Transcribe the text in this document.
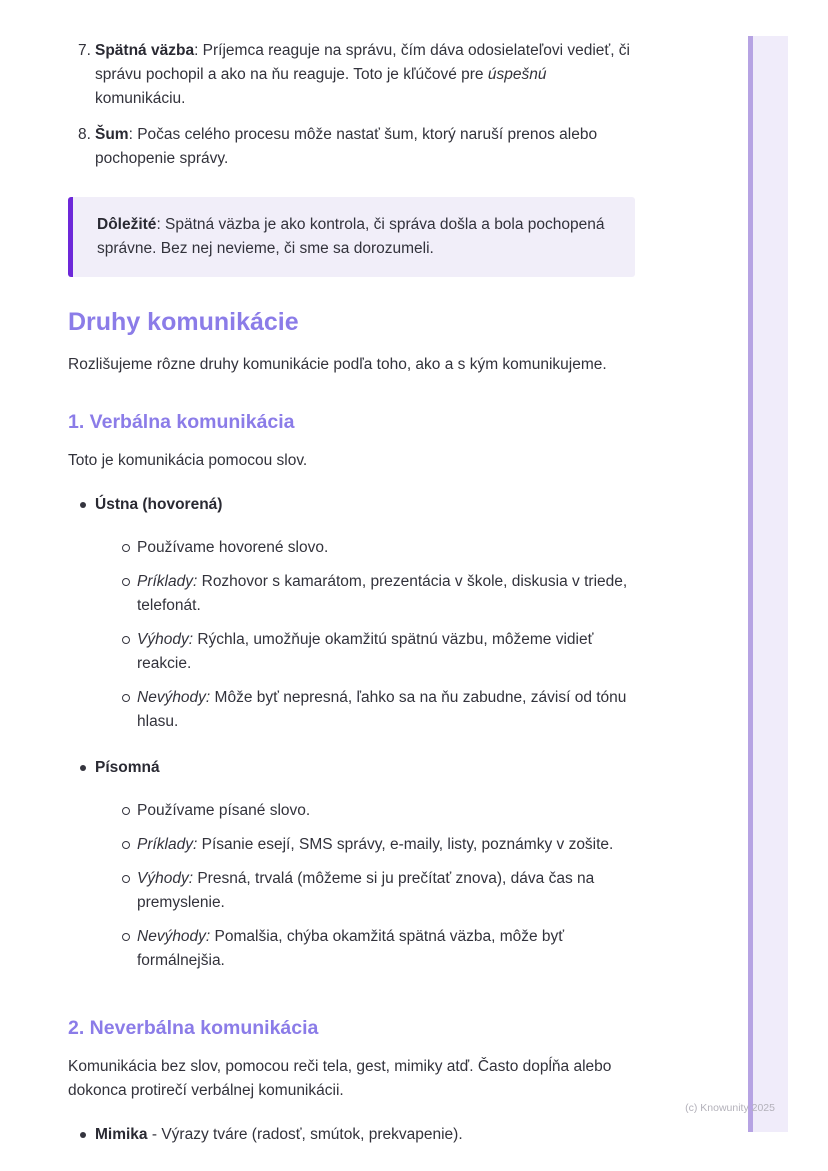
7. Spätná väzba: Príjemca reaguje na správu, čím dáva odosielateľovi vedieť, či správu pochopil a ako na ňu reaguje. Toto je kľúčové pre úspešnú komunikáciu.

8. Šum: Počas celého procesu môže nastať šum, ktorý naruší prenos alebo pochopenie správy.

Dôležité: Spätná väzba je ako kontrola, či správa došla a bola pochopená správne. Bez nej nevieme, či sme sa dorozumeli.

Druhy komunikácie

Rozlišujeme rôzne druhy komunikácie podľa toho, ako a s kým komunikujeme.

1. Verbálna komunikácia

Toto je komunikácia pomocou slov.

Ústna (hovorená)

Používame hovorené slovo.

Príklady: Rozhovor s kamarátom, prezentácia v škole, diskusia v triede, telefonát.

Výhody: Rýchla, umožňuje okamžitú spätnú väzbu, môžeme vidieť reakcie.

Nevýhody: Môže byť nepresná, ľahko sa na ňu zabudne, závisí od tónu hlasu.

Písomná

Používame písané slovo.

Príklady: Písanie esejí, SMS správy, e-maily, listy, poznámky v zošite.

Výhody: Presná, trvalá (môžeme si ju prečítať znova), dáva čas na premyslenie.

Nevýhody: Pomalšia, chýba okamžitá spätná väzba, môže byť formálnejšia.

2. Neverbálna komunikácia

Komunikácia bez slov, pomocou reči tela, gest, mimiky atď. Často dopĺňa alebo dokonca protirečí verbálnej komunikácii.

Mimika - Výrazy tváre (radosť, smútok, prekvapenie).

(c) Knowunity 2025
